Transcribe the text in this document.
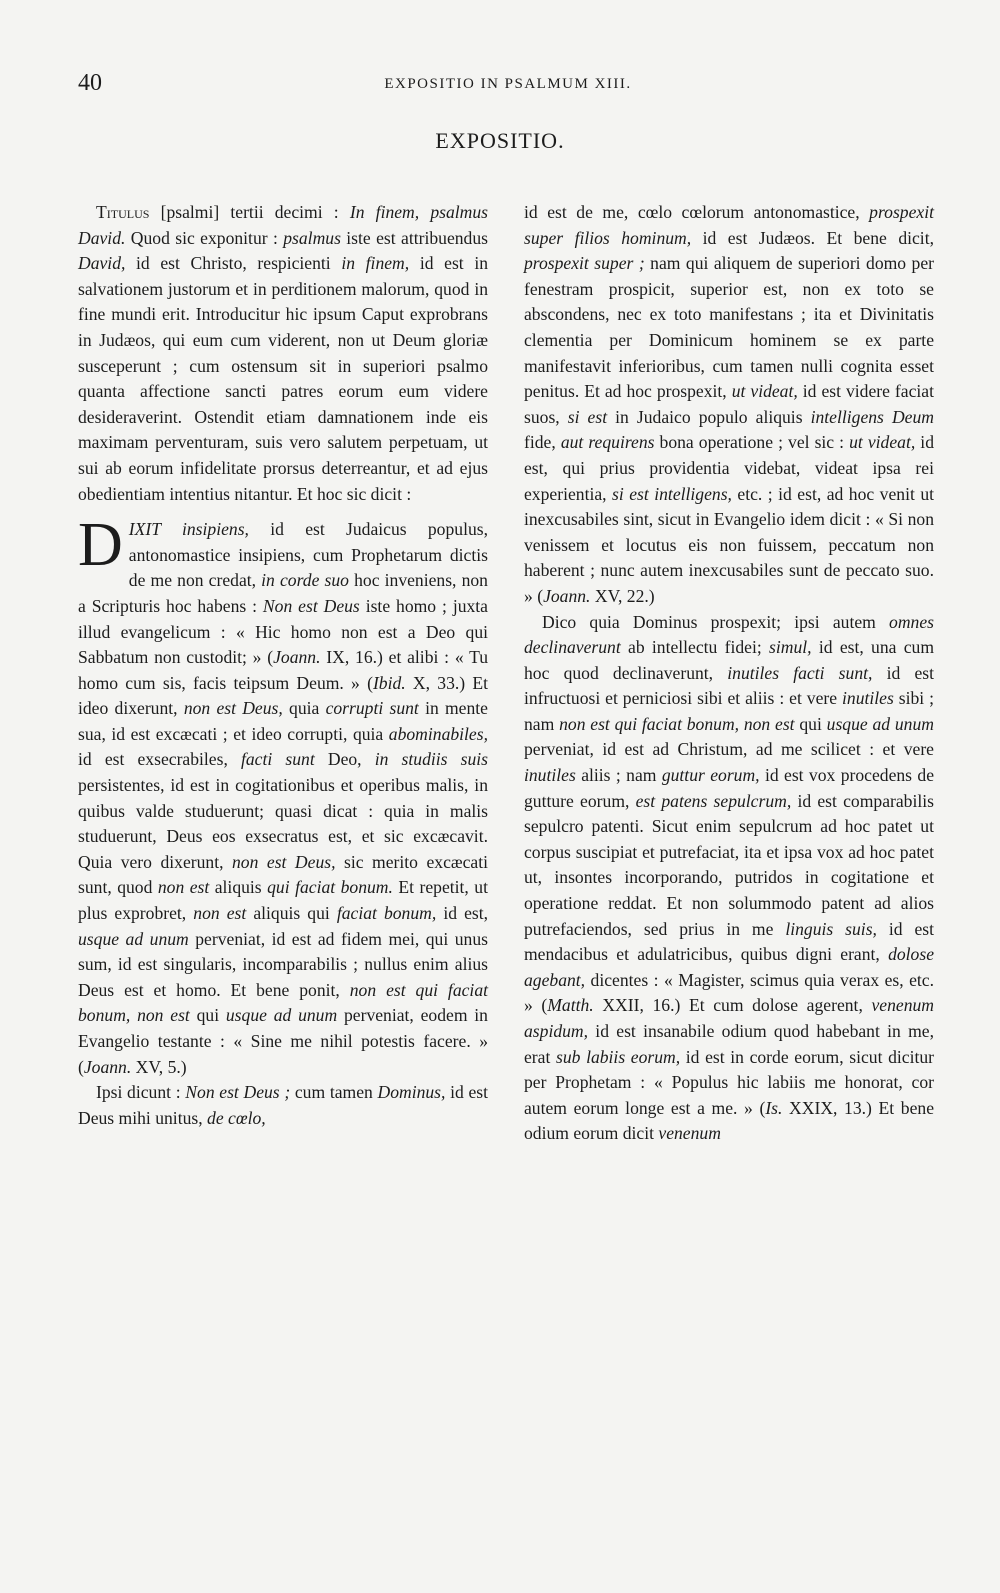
40	EXPOSITIO IN PSALMUM XIII.
EXPOSITIO.

Titulus [psalmi] tertii decimi : In finem, psalmus David. Quod sic exponitur : psalmus iste est attribuendus David, id est Christo, respicienti in finem, id est in salvationem justorum et in perditionem malorum, quod in fine mundi erit. Introducitur hic ipsum Caput exprobrans in Judæos, qui eum cum viderent, non ut Deum gloriæ susceperunt ; cum ostensum sit in superiori psalmo quanta affectione sancti patres eorum eum videre desideraverint. Ostendit etiam damnationem inde eis maximam perventuram, suis vero salutem perpetuam, ut sui ab eorum infidelitate prorsus deterreantur, et ad ejus obedientiam intentius nitantur. Et hoc sic dicit :

DIXIT insipiens, id est Judaicus populus, antonomastice insipiens, cum Prophetarum dictis de me non credat, in corde suo hoc inveniens, non a Scripturis hoc habens : Non est Deus iste homo ; juxta illud evangelicum : « Hic homo non est a Deo qui Sabbatum non custodit; » (Joann. IX, 16.) et alibi : « Tu homo cum sis, facis teipsum Deum. » (Ibid. X, 33.) Et ideo dixerunt, non est Deus, quia corrupti sunt in mente sua, id est excæcati ; et ideo corrupti, quia abominabiles, id est exsecrabiles, facti sunt Deo, in studiis suis persistentes, id est in cogitationibus et operibus malis, in quibus valde studuerunt; quasi dicat : quia in malis studuerunt, Deus eos exsecratus est, et sic excæcavit. Quia vero dixerunt, non est Deus, sic merito excæcati sunt, quod non est aliquis qui faciat bonum. Et repetit, ut plus exprobret, non est aliquis qui faciat bonum, id est, usque ad unum perveniat, id est ad fidem mei, qui unus sum, id est singularis, incomparabilis ; nullus enim alius Deus est et homo. Et bene ponit, non est qui faciat bonum, non est qui usque ad unum perveniat, eodem in Evangelio testante : « Sine me nihil potestis facere. » (Joann. XV, 5.)

Ipsi dicunt : Non est Deus ; cum tamen Dominus, id est Deus mihi unitus, de cœlo,

id est de me, cœlo cœlorum antonomastice, prospexit super filios hominum, id est Judæos. Et bene dicit, prospexit super ; nam qui aliquem de superiori domo per fenestram prospicit, superior est, non ex toto se abscondens, nec ex toto manifestans ; ita et Divinitatis clementia per Dominicum hominem se ex parte manifestavit inferioribus, cum tamen nulli cognita esset penitus. Et ad hoc prospexit, ut videat, id est videre faciat suos, si est in Judaico populo aliquis intelligens Deum fide, aut requirens bona operatione ; vel sic : ut videat, id est, qui prius providentia videbat, videat ipsa rei experientia, si est intelligens, etc. ; id est, ad hoc venit ut inexcusabiles sint, sicut in Evangelio idem dicit : « Si non venissem et locutus eis non fuissem, peccatum non haberent ; nunc autem inexcusabiles sunt de peccato suo. » (Joann. XV, 22.)

Dico quia Dominus prospexit; ipsi autem omnes declinaverunt ab intellectu fidei; simul, id est, una cum hoc quod declinaverunt, inutiles facti sunt, id est infructuosi et perniciosi sibi et aliis : et vere inutiles sibi ; nam non est qui faciat bonum, non est qui usque ad unum perveniat, id est ad Christum, ad me scilicet : et vere inutiles aliis ; nam guttur eorum, id est vox procedens de gutture eorum, est patens sepulcrum, id est comparabilis sepulcro patenti. Sicut enim sepulcrum ad hoc patet ut corpus suscipiat et putrefaciat, ita et ipsa vox ad hoc patet ut, insontes incorporando, putridos in cogitatione et operatione reddat. Et non solummodo patent ad alios putrefaciendos, sed prius in me linguis suis, id est mendacibus et adulatricibus, quibus digni erant, dolose agebant, dicentes : « Magister, scimus quia verax es, etc. » (Matth. XXII, 16.) Et cum dolose agerent, venenum aspidum, id est insanabile odium quod habebant in me, erat sub labiis eorum, id est in corde eorum, sicut dicitur per Prophetam : « Populus hic labiis me honorat, cor autem eorum longe est a me. » (Is. XXIX, 13.) Et bene odium eorum dicit venenum
